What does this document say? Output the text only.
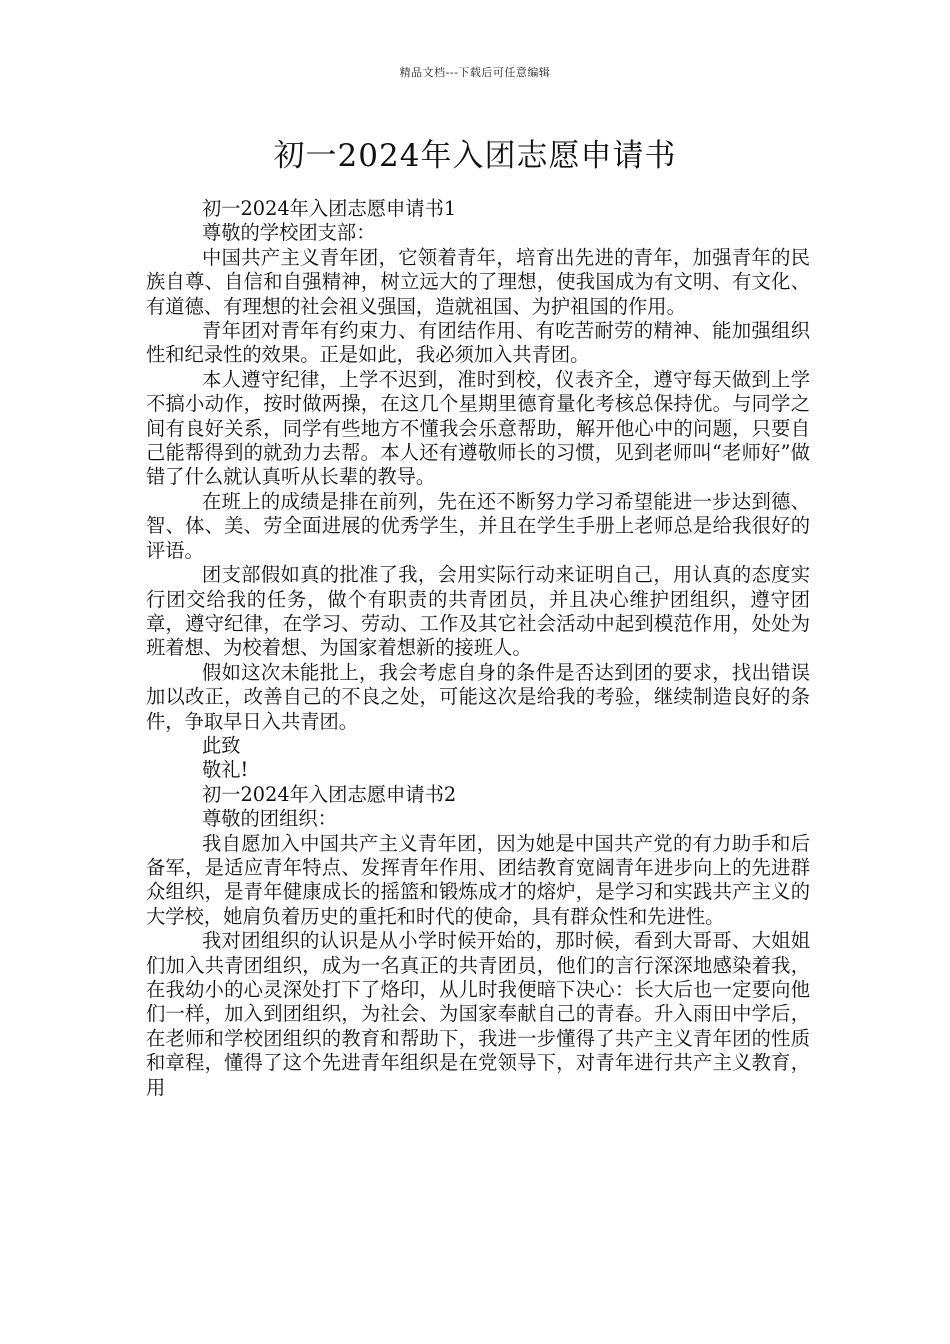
精品文档---下载后可任意编辑
初一2024年入团志愿申请书

初一2024年入团志愿申请书1

尊敬的学校团支部：

中国共产主义青年团，它领着青年，培育出先进的青年，加强青年的民族自尊、自信和自强精神，树立远大的了理想，使我国成为有文明、有文化、有道德、有理想的社会祖义强国，造就祖国、为护祖国的作用。

青年团对青年有约束力、有团结作用、有吃苦耐劳的精神、能加强组织性和纪录性的效果。正是如此，我必须加入共青团。

本人遵守纪律，上学不迟到，准时到校，仪表齐全，遵守每天做到上学不搞小动作，按时做两操，在这几个星期里德育量化考核总保持优。与同学之间有良好关系，同学有些地方不懂我会乐意帮助，解开他心中的问题，只要自己能帮得到的就劲力去帮。本人还有遵敬师长的习惯，见到老师叫“老师好”做错了什么就认真听从长辈的教导。

在班上的成绩是排在前列，先在还不断努力学习希望能进一步达到德、智、体、美、劳全面进展的优秀学生，并且在学生手册上老师总是给我很好的评语。

团支部假如真的批准了我，会用实际行动来证明自己，用认真的态度实行团交给我的任务，做个有职责的共青团员，并且决心维护团组织，遵守团章，遵守纪律，在学习、劳动、工作及其它社会活动中起到模范作用，处处为班着想、为校着想、为国家着想新的接班人。

假如这次未能批上，我会考虑自身的条件是否达到团的要求，找出错误加以改正，改善自己的不良之处，可能这次是给我的考验，继续制造良好的条件，争取早日入共青团。

此致

敬礼!

初一2024年入团志愿申请书2

尊敬的团组织：

我自愿加入中国共产主义青年团，因为她是中国共产党的有力助手和后备军，是适应青年特点、发挥青年作用、团结教育宽阔青年进步向上的先进群众组织，是青年健康成长的摇篮和锻炼成才的熔炉，是学习和实践共产主义的大学校，她肩负着历史的重托和时代的使命，具有群众性和先进性。

我对团组织的认识是从小学时候开始的，那时候，看到大哥哥、大姐姐们加入共青团组织，成为一名真正的共青团员，他们的言行深深地感染着我，在我幼小的心灵深处打下了烙印，从儿时我便暗下决心：长大后也一定要向他们一样，加入到团组织，为社会、为国家奉献自己的青春。升入雨田中学后，在老师和学校团组织的教育和帮助下，我进一步懂得了共产主义青年团的性质和章程，懂得了这个先进青年组织是在党领导下，对青年进行共产主义教育，用
